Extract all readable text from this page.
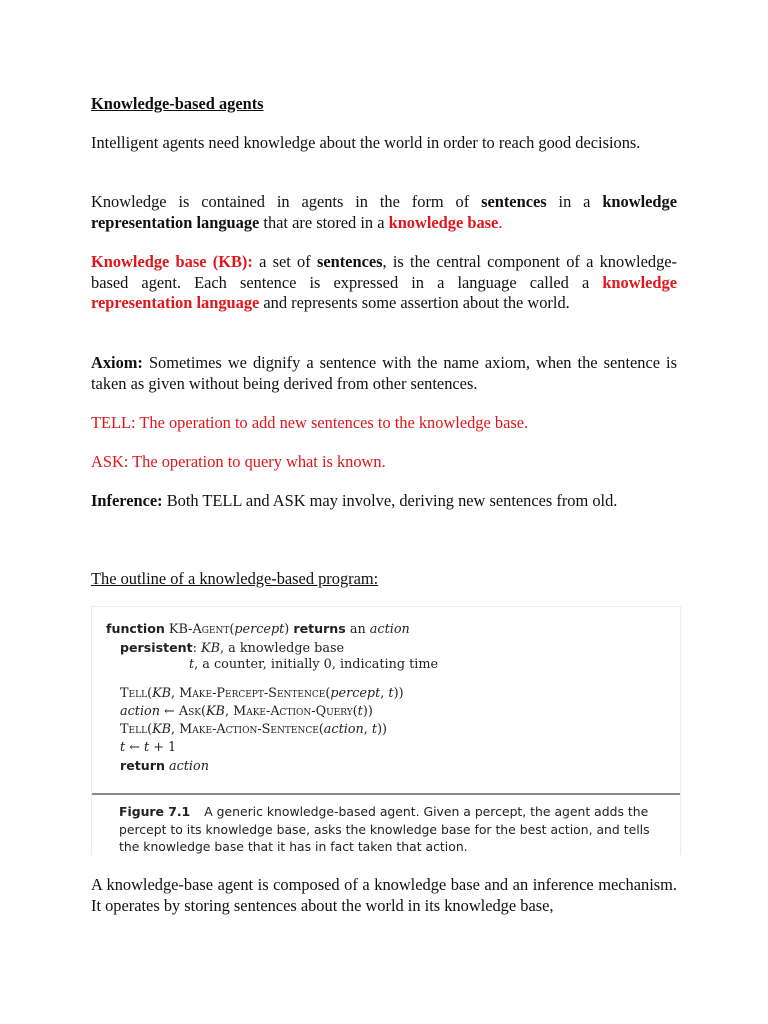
Knowledge-based agents
Intelligent agents need knowledge about the world in order to reach good decisions.
Knowledge is contained in agents in the form of sentences in a knowledge representation language that are stored in a knowledge base.
Knowledge base (KB): a set of sentences, is the central component of a knowledge-based agent. Each sentence is expressed in a language called a knowledge representation language and represents some assertion about the world.
Axiom: Sometimes we dignify a sentence with the name axiom, when the sentence is taken as given without being derived from other sentences.
TELL: The operation to add new sentences to the knowledge base.
ASK: The operation to query what is known.
Inference: Both TELL and ASK may involve, deriving new sentences from old.
The outline of a knowledge-based program:
function KB-Agent(percept) returns an action
persistent: KB, a knowledge base
t, a counter, initially 0, indicating time
Tell(KB, Make-Percept-Sentence(percept, t))
action ← Ask(KB, Make-Action-Query(t))
Tell(KB, Make-Action-Sentence(action, t))
t ← t + 1
return action
Figure 7.1 A generic knowledge-based agent. Given a percept, the agent adds the percept to its knowledge base, asks the knowledge base for the best action, and tells the knowledge base that it has in fact taken that action.
A knowledge-base agent is composed of a knowledge base and an inference mechanism. It operates by storing sentences about the world in its knowledge base,
